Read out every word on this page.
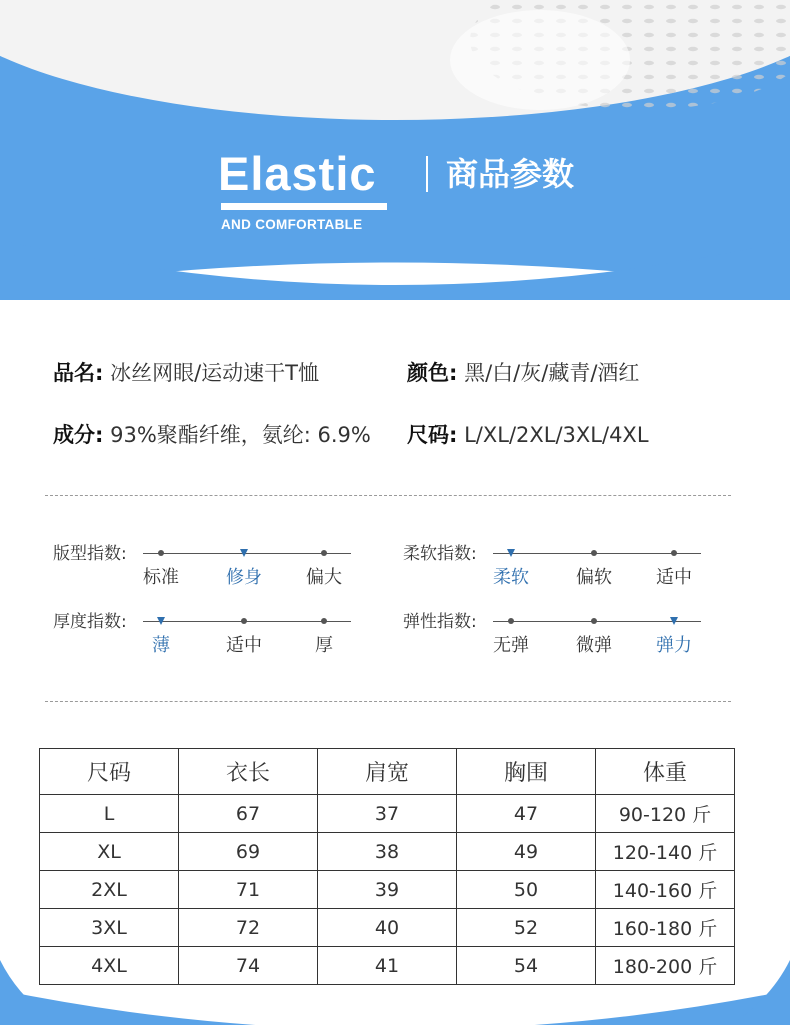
Elastic
AND COMFORTABLE
商品参数
品名: 冰丝网眼/运动速干T恤	颜色: 黑/白/灰/藏青/酒红
成分: 93%聚酯纤维，氨纶: 6.9% 尺码: L/XL/2XL/3XL/4XL
版型指数:
标准	修身 偏大
柔软指数:
柔软	偏软 适中
厚度指数:
薄	适中	厚
弹性指数:
无弹	微弹 弹力
尺码	衣长	肩宽	胸围	体重
L	67	37	47	90-120 斤
XL	69	38	49	120-140 斤
2XL	71	39	50	140-160 斤
3XL	72	40	52	160-180 斤
4XL	74	41	54	180-200 斤
